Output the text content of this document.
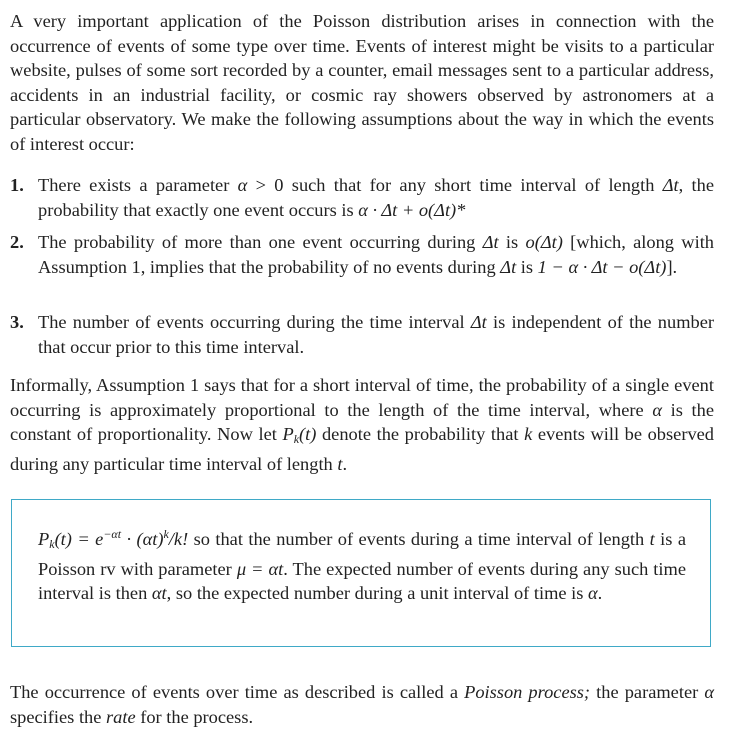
A very important application of the Poisson distribution arises in connection with the occurrence of events of some type over time. Events of interest might be visits to a particular website, pulses of some sort recorded by a counter, email messages sent to a particular address, accidents in an industrial facility, or cosmic ray showers observed by astronomers at a particular observatory. We make the following assumptions about the way in which the events of interest occur:

1. There exists a parameter α > 0 such that for any short time interval of length Δt, the probability that exactly one event occurs is α · Δt + o(Δt)*

2. The probability of more than one event occurring during Δt is o(Δt) [which, along with Assumption 1, implies that the probability of no events during Δt is 1 − α · Δt − o(Δt)].

3. The number of events occurring during the time interval Δt is independent of the number that occur prior to this time interval.

Informally, Assumption 1 says that for a short interval of time, the probability of a single event occurring is approximately proportional to the length of the time interval, where α is the constant of proportionality. Now let $P_k(t)$ denote the probability that k events will be observed during any particular time interval of length t.

$P_k(t) = e^{-\alpha t} \cdot (\alpha t)^k/k$! so that the number of events during a time interval of length t is a Poisson rv with parameter μ = αt. The expected number of events during any such time interval is then αt, so the expected number during a unit interval of time is α.

The occurrence of events over time as described is called a Poisson process; the parameter α specifies the rate for the process.
